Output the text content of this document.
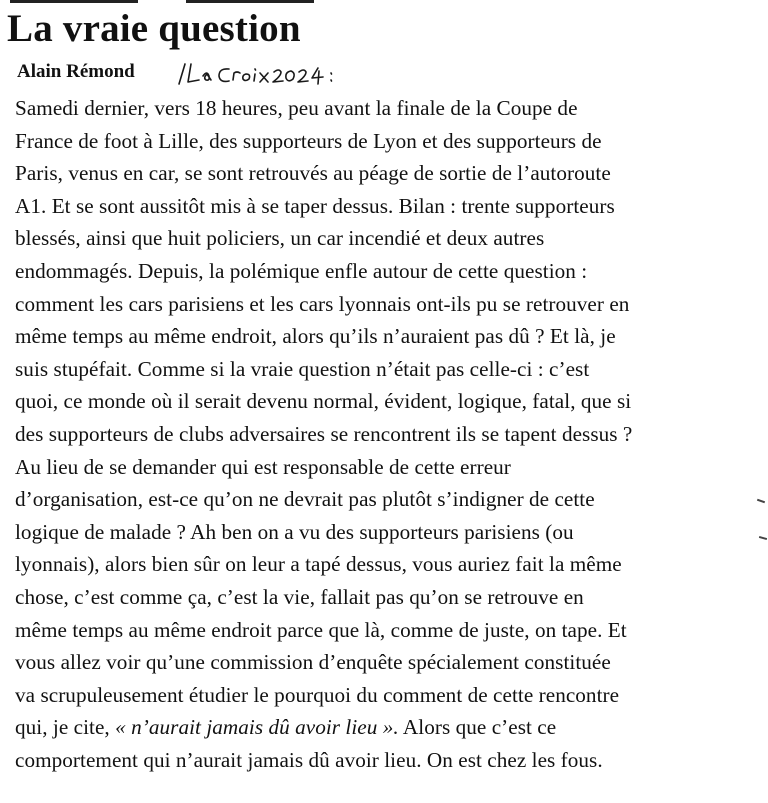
La vraie question
Alain Rémond
Samedi dernier, vers 18 heures, peu avant la finale de la Coupe de
France de foot à Lille, des supporteurs de Lyon et des supporteurs de
Paris, venus en car, se sont retrouvés au péage de sortie de l’autoroute
A1. Et se sont aussitôt mis à se taper dessus. Bilan : trente supporteurs
blessés, ainsi que huit policiers, un car incendié et deux autres
endommagés. Depuis, la polémique enfle autour de cette question :
comment les cars parisiens et les cars lyonnais ont-ils pu se retrouver en
même temps au même endroit, alors qu’ils n’auraient pas dû ? Et là, je
suis stupéfait. Comme si la vraie question n’était pas celle-ci : c’est
quoi, ce monde où il serait devenu normal, évident, logique, fatal, que si
des supporteurs de clubs adversaires se rencontrent ils se tapent dessus ?
Au lieu de se demander qui est responsable de cette erreur
d’organisation, est-ce qu’on ne devrait pas plutôt s’indigner de cette
logique de malade ? Ah ben on a vu des supporteurs parisiens (ou
lyonnais), alors bien sûr on leur a tapé dessus, vous auriez fait la même
chose, c’est comme ça, c’est la vie, fallait pas qu’on se retrouve en
même temps au même endroit parce que là, comme de juste, on tape. Et
vous allez voir qu’une commission d’enquête spécialement constituée
va scrupuleusement étudier le pourquoi du comment de cette rencontre
qui, je cite, « n’aurait jamais dû avoir lieu ». Alors que c’est ce
comportement qui n’aurait jamais dû avoir lieu. On est chez les fous.
